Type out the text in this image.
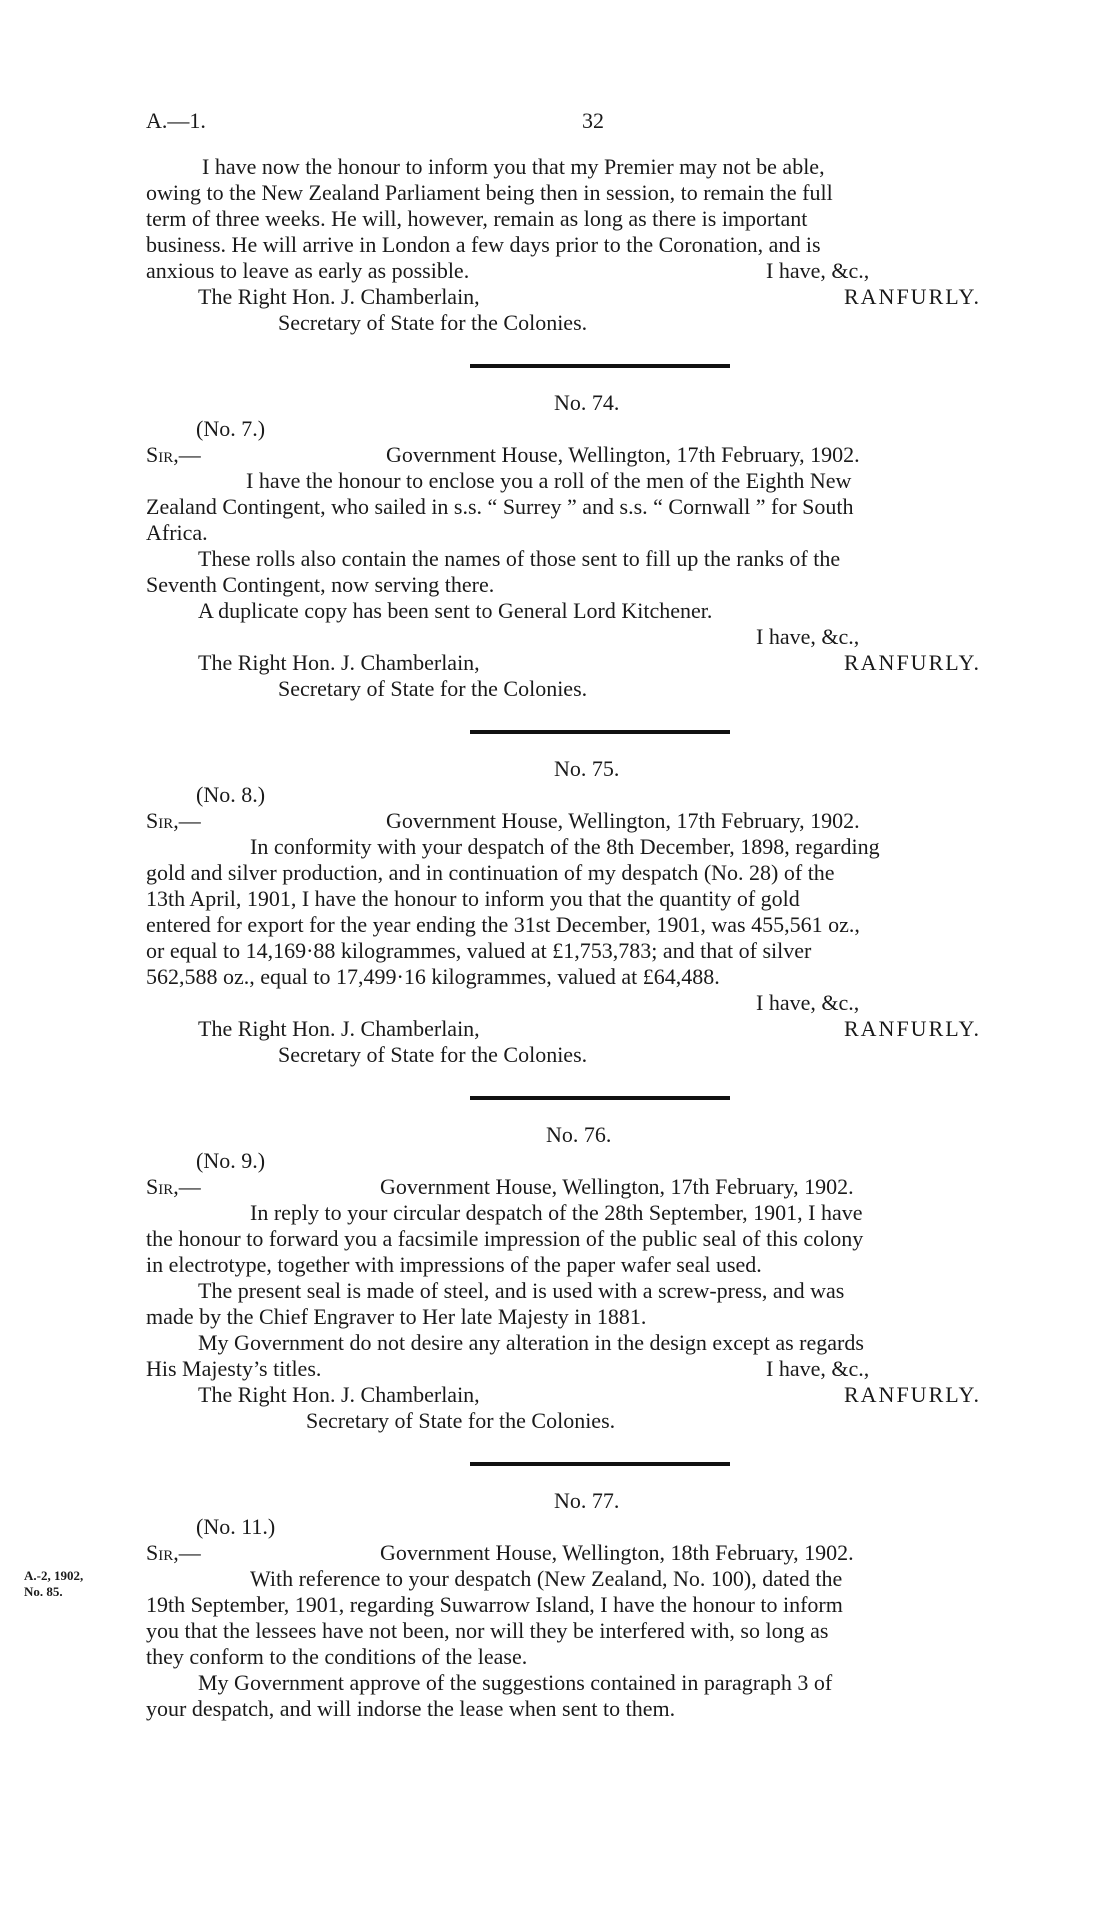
A.—1.	32
I have now the honour to inform you that my Premier may not be able,
owing to the New Zealand Parliament being then in session, to remain the full
term of three weeks. He will, however, remain as long as there is important
business. He will arrive in London a few days prior to the Coronation, and is
anxious to leave as early as possible.	I have, &c.,
The Right Hon. J. Chamberlain,	RANFURLY.
Secretary of State for the Colonies.
No. 74.
(No. 7.)
Sir,—	Government House, Wellington, 17th February, 1902.
I have the honour to enclose you a roll of the men of the Eighth New
Zealand Contingent, who sailed in s.s. “ Surrey ” and s.s. “ Cornwall ” for South
Africa.
These rolls also contain the names of those sent to fill up the ranks of the
Seventh Contingent, now serving there.
A duplicate copy has been sent to General Lord Kitchener.
I have, &c.,
The Right Hon. J. Chamberlain,	RANFURLY.
Secretary of State for the Colonies.
No. 75.
(No. 8.)
Sir,—	Government House, Wellington, 17th February, 1902.
In conformity with your despatch of the 8th December, 1898, regarding
gold and silver production, and in continuation of my despatch (No. 28) of the
13th April, 1901, I have the honour to inform you that the quantity of gold
entered for export for the year ending the 31st December, 1901, was 455,561 oz.,
or equal to 14,169·88 kilogrammes, valued at £1,753,783; and that of silver
562,588 oz., equal to 17,499·16 kilogrammes, valued at £64,488.
I have, &c.,
The Right Hon. J. Chamberlain,	RANFURLY.
Secretary of State for the Colonies.
No. 76.
(No. 9.)
Sir,—	Government House, Wellington, 17th February, 1902.
In reply to your circular despatch of the 28th September, 1901, I have
the honour to forward you a facsimile impression of the public seal of this colony
in electrotype, together with impressions of the paper wafer seal used.
The present seal is made of steel, and is used with a screw-press, and was
made by the Chief Engraver to Her late Majesty in 1881.
My Government do not desire any alteration in the design except as regards
His Majesty’s titles.	I have, &c.,
The Right Hon. J. Chamberlain,	RANFURLY.
Secretary of State for the Colonies.
No. 77.
(No. 11.)
Sir,—	Government House, Wellington, 18th February, 1902.
A.-2, 1902,
No. 85.
With reference to your despatch (New Zealand, No. 100), dated the
19th September, 1901, regarding Suwarrow Island, I have the honour to inform
you that the lessees have not been, nor will they be interfered with, so long as
they conform to the conditions of the lease.
My Government approve of the suggestions contained in paragraph 3 of
your despatch, and will indorse the lease when sent to them.
